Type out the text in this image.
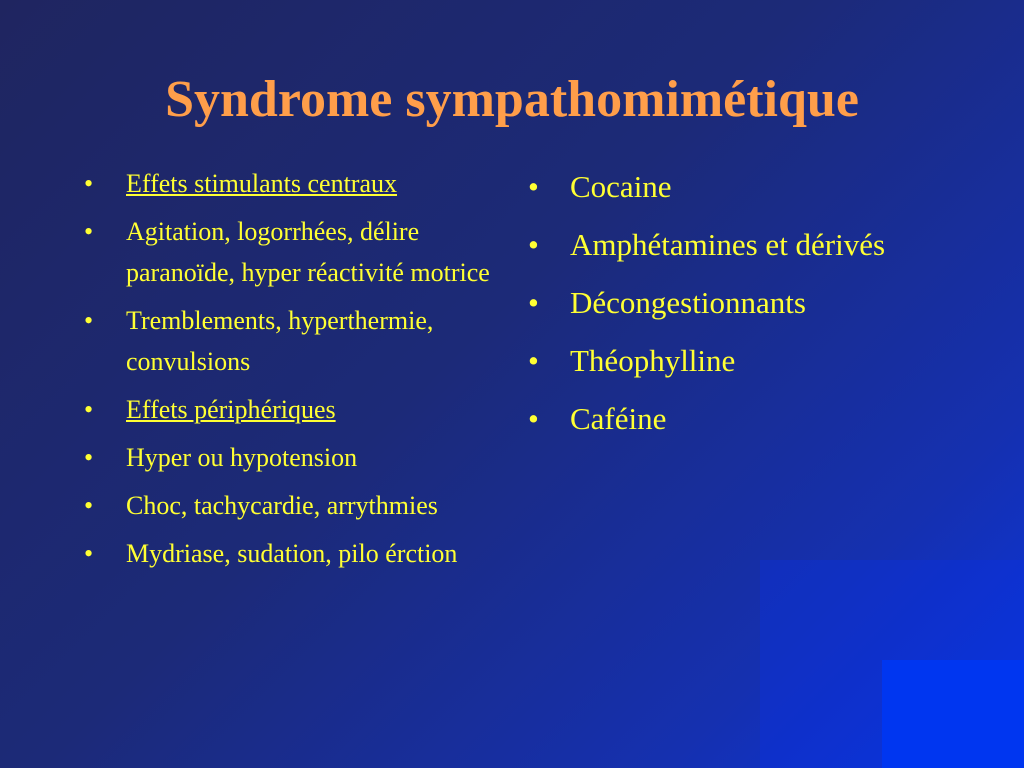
Syndrome sympathomimétique
•	Effets stimulants centraux
•	Agitation, logorrhées, délire paranoïde, hyper réactivité motrice
•	Tremblements, hyperthermie, convulsions
•	Effets périphériques
•	Hyper ou hypotension
•	Choc, tachycardie, arrythmies
•	Mydriase, sudation, pilo érction
•	Cocaine
•	Amphétamines et dérivés
•	Décongestionnants
•	Théophylline
•	Caféine
